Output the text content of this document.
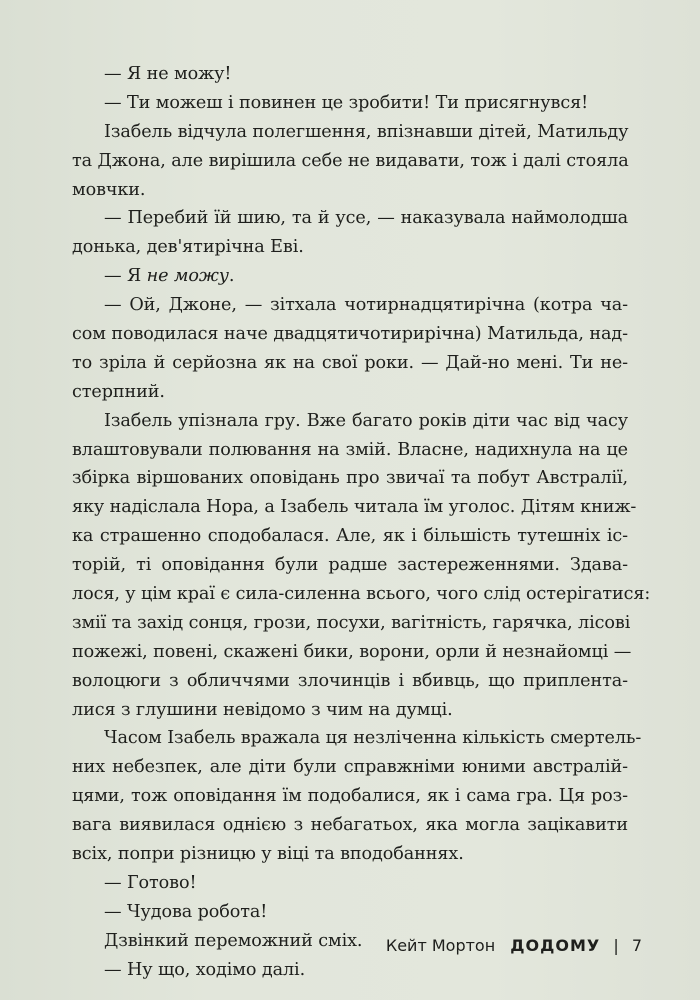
— Я не можу!
— Ти можеш і повинен це зробити! Ти присягнувся!
Ізабель відчула полегшення, впізнавши дітей, Матильду
та Джона, але вирішила себе не видавати, тож і далі стояла
мовчки.
— Перебий їй шию, та й усе, — наказувала наймолодша
донька, дев'ятирічна Еві.
— Я не можу.
— Ой, Джоне, — зітхала чотирнадцятирічна (котра ча-
сом поводилася наче двадцятичотирирічна) Матильда, над-
то зріла й серйозна як на свої роки. — Дай-но мені. Ти не-
стерпний.
Ізабель упізнала гру. Вже багато років діти час від часу
влаштовували полювання на змій. Власне, надихнула на це
збірка віршованих оповідань про звичаї та побут Австралії,
яку надіслала Нора, а Ізабель читала їм уголос. Дітям книж-
ка страшенно сподобалася. Але, як і більшість тутешніх іс-
торій, ті оповідання були радше застереженнями. Здава-
лося, у цім краї є сила-силенна всього, чого слід остерігатися:
змії та захід сонця, грози, посухи, вагітність, гарячка, лісові
пожежі, повені, скажені бики, ворони, орли й незнайомці —
волоцюги з обличчями злочинців і вбивць, що приплента-
лися з глушини невідомо з чим на думці.
Часом Ізабель вражала ця незліченна кількість смертель-
них небезпек, але діти були справжніми юними австралій-
цями, тож оповідання їм подобалися, як і сама гра. Ця роз-
вага виявилася однією з небагатьох, яка могла зацікавити
всіх, попри різницю у віці та вподобаннях.
— Готово!
— Чудова робота!
Дзвінкий переможний сміх.
— Ну що, ходімо далі.
Кейт Мортон ДОДОМУ | 7
